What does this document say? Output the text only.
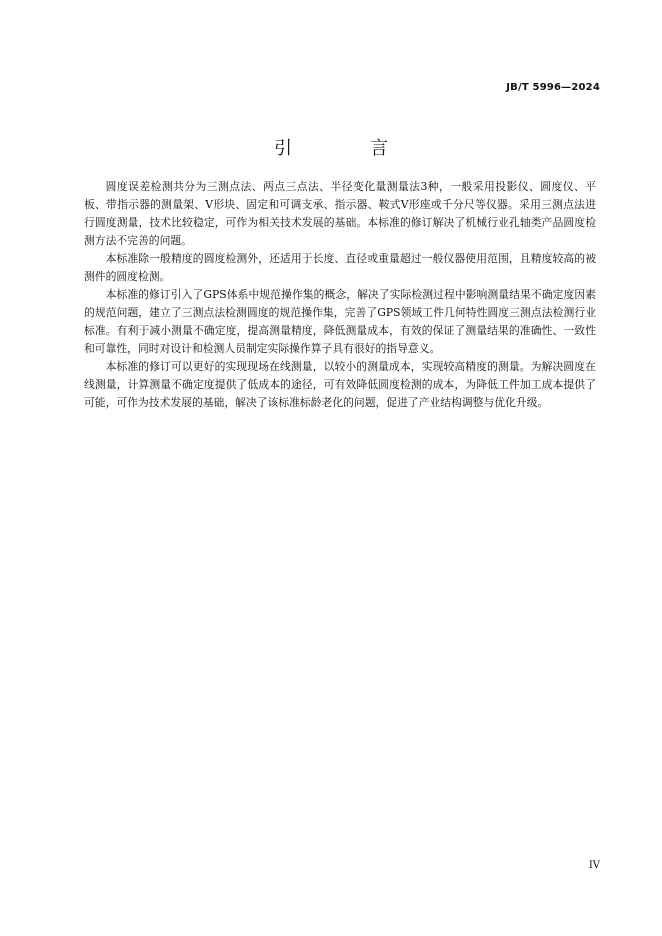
JB/T 5996—2024
引　言

圆度误差检测共分为三测点法、两点三点法、半径变化量测量法3种，一般采用投影仪、圆度仪、平板、带指示器的测量架、V形块、固定和可调支承、指示器、鞍式V形座或千分尺等仪器。采用三测点法进行圆度测量，技术比较稳定，可作为相关技术发展的基础。本标准的修订解决了机械行业孔轴类产品圆度检测方法不完善的问题。

本标准除一般精度的圆度检测外，还适用于长度、直径或重量超过一般仪器使用范围，且精度较高的被测件的圆度检测。

本标准的修订引入了GPS体系中规范操作集的概念，解决了实际检测过程中影响测量结果不确定度因素的规范问题，建立了三测点法检测圆度的规范操作集，完善了GPS领域工件几何特性圆度三测点法检测行业标准。有利于减小测量不确定度，提高测量精度，降低测量成本，有效的保证了测量结果的准确性、一致性和可靠性，同时对设计和检测人员制定实际操作算子具有很好的指导意义。

本标准的修订可以更好的实现现场在线测量，以较小的测量成本，实现较高精度的测量。为解决圆度在线测量，计算测量不确定度提供了低成本的途径，可有效降低圆度检测的成本，为降低工件加工成本提供了可能，可作为技术发展的基础，解决了该标准标龄老化的问题，促进了产业结构调整与优化升级。

IV
